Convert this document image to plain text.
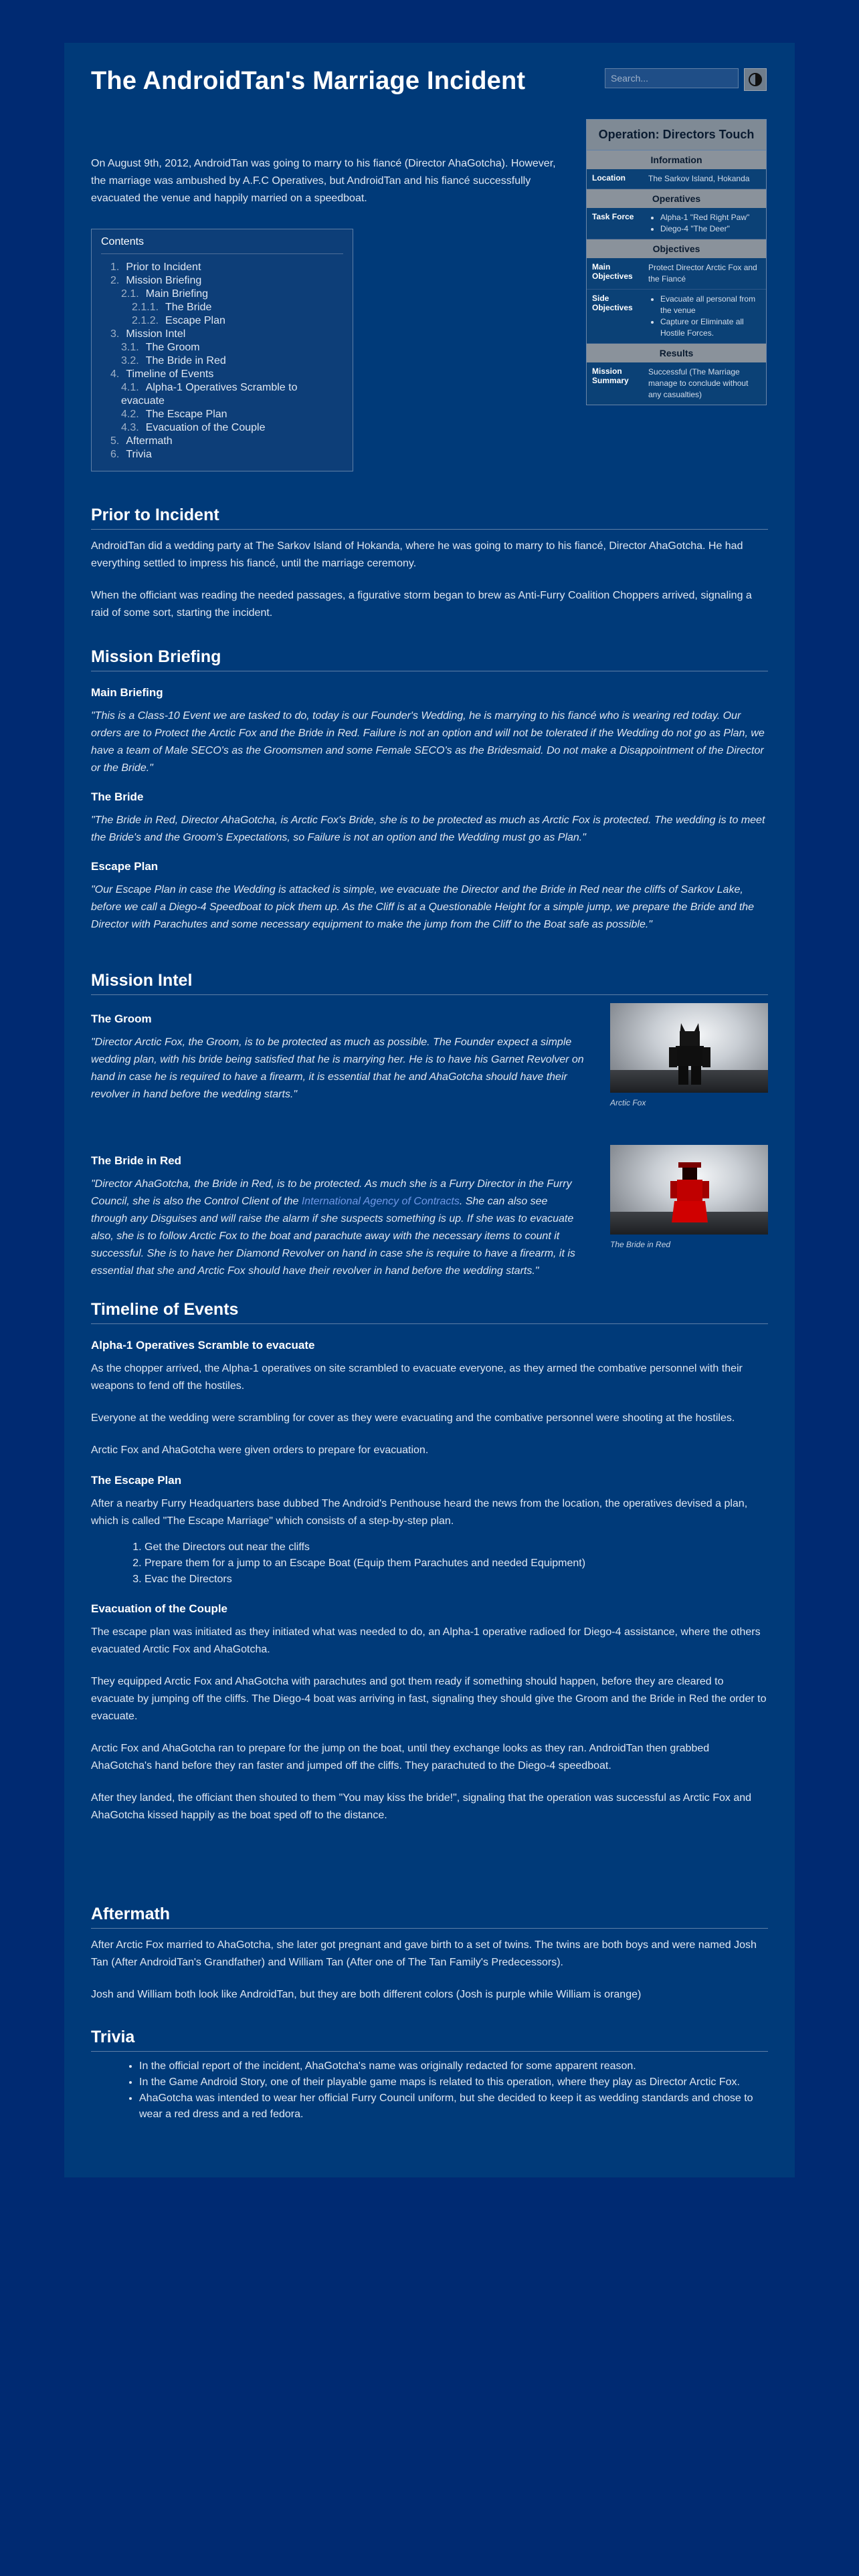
The AndroidTan's Marriage Incident	Search...
Operation: Directors Touch
Information
Location	The Sarkov Island, Hokanda
Operatives
Task Force
•	Alpha-1 "Red Right Paw"
• Diego-4 "The Deer"
Objectives
Main Objectives
Protect Director Arctic Fox and the Fiancé
Side Objectives
• Evacuate all personal from the venue
• Capture or Eliminate all Hostile Forces.
Results
Mission Summary
Successful (The Marriage manage to conclude without any casualties)

On August 9th, 2012, AndroidTan was going to marry to his fiancé (Director AhaGotcha). However, the marriage was ambushed by A.F.C Operatives, but AndroidTan and his fiancé successfully evacuated the venue and happily married on a speedboat.

Contents
1. Prior to Incident
2. Mission Briefing
2.1. Main Briefing
2.1.1. The Bride
2.1.2. Escape Plan
3. Mission Intel
3.1. The Groom
3.2. The Bride in Red
4. Timeline of Events
4.1. Alpha-1 Operatives Scramble to evacuate
4.2. The Escape Plan
4.3. Evacuation of the Couple
5. Aftermath
6. Trivia
Prior to Incident

AndroidTan did a wedding party at The Sarkov Island of Hokanda, where he was going to marry to his fiancé, Director AhaGotcha. He had everything settled to impress his fiancé, until the marriage ceremony.

When the officiant was reading the needed passages, a figurative storm began to brew as Anti-Furry Coalition Choppers arrived, signaling a raid of some sort, starting the incident.

Mission Briefing
Main Briefing

"This is a Class-10 Event we are tasked to do, today is our Founder's Wedding, he is marrying to his fiancé who is wearing red today. Our orders are to Protect the Arctic Fox and the Bride in Red. Failure is not an option and will not be tolerated if the Wedding do not go as Plan, we have a team of Male SECO's as the Groomsmen and some Female SECO's as the Bridesmaid. Do not make a Disappointment of the Director or the Bride."

The Bride

"The Bride in Red, Director AhaGotcha, is Arctic Fox's Bride, she is to be protected as much as Arctic Fox is protected. The wedding is to meet the Bride's and the Groom's Expectations, so Failure is not an option and the Wedding must go as Plan."

Escape Plan

"Our Escape Plan in case the Wedding is attacked is simple, we evacuate the Director and the Bride in Red near the cliffs of Sarkov Lake, before we call a Diego-4 Speedboat to pick them up. As the Cliff is at a Questionable Height for a simple jump, we prepare the Bride and the Director with Parachutes and some necessary equipment to make the jump from the Cliff to the Boat safe as possible."

Mission Intel
Arctic Fox
The Groom

"Director Arctic Fox, the Groom, is to be protected as much as possible. The Founder expect a simple wedding plan, with his bride being satisfied that he is marrying her. He is to have his Garnet Revolver on hand in case he is required to have a firearm, it is essential that he and AhaGotcha should have their revolver in hand before the wedding starts."

The Bride in Red
The Bride in Red

"Director AhaGotcha, the Bride in Red, is to be protected. As much she is a Furry Director in the Furry Council, she is also the Control Client of the International Agency of Contracts. She can also see through any Disguises and will raise the alarm if she suspects something is up. If she was to evacuate also, she is to follow Arctic Fox to the boat and parachute away with the necessary items to count it successful. She is to have her Diamond Revolver on hand in case she is require to have a firearm, it is essential that she and Arctic Fox should have their revolver in hand before the wedding starts."

Timeline of Events
Alpha-1 Operatives Scramble to evacuate

As the chopper arrived, the Alpha-1 operatives on site scrambled to evacuate everyone, as they armed the combative personnel with their weapons to fend off the hostiles.

Everyone at the wedding were scrambling for cover as they were evacuating and the combative personnel were shooting at the hostiles.

Arctic Fox and AhaGotcha were given orders to prepare for evacuation.

The Escape Plan

After a nearby Furry Headquarters base dubbed The Android's Penthouse heard the news from the location, the operatives devised a plan, which is called "The Escape Marriage" which consists of a step-by-step plan.

1. Get the Directors out near the cliffs
2. Prepare them for a jump to an Escape Boat (Equip them Parachutes and needed Equipment)
3. Evac the Directors
Evacuation of the Couple

The escape plan was initiated as they initiated what was needed to do, an Alpha-1 operative radioed for Diego-4 assistance, where the others evacuated Arctic Fox and AhaGotcha.

They equipped Arctic Fox and AhaGotcha with parachutes and got them ready if something should happen, before they are cleared to evacuate by jumping off the cliffs. The Diego-4 boat was arriving in fast, signaling they should give the Groom and the Bride in Red the order to evacuate.

Arctic Fox and AhaGotcha ran to prepare for the jump on the boat, until they exchange looks as they ran. AndroidTan then grabbed AhaGotcha's hand before they ran faster and jumped off the cliffs. They parachuted to the Diego-4 speedboat.

After they landed, the officiant then shouted to them "You may kiss the bride!", signaling that the operation was successful as Arctic Fox and AhaGotcha kissed happily as the boat sped off to the distance.

Aftermath

After Arctic Fox married to AhaGotcha, she later got pregnant and gave birth to a set of twins. The twins are both boys and were named Josh Tan (After AndroidTan's Grandfather) and William Tan (After one of The Tan Family's Predecessors).

Josh and William both look like AndroidTan, but they are both different colors (Josh is purple while William is orange)

Trivia
• In the official report of the incident, AhaGotcha's name was originally redacted for some apparent reason.
• In the Game Android Story, one of their playable game maps is related to this operation, where they play as Director Arctic Fox.
• AhaGotcha was intended to wear her official Furry Council uniform, but she decided to keep it as wedding standards and chose to wear a red dress and a red fedora.
